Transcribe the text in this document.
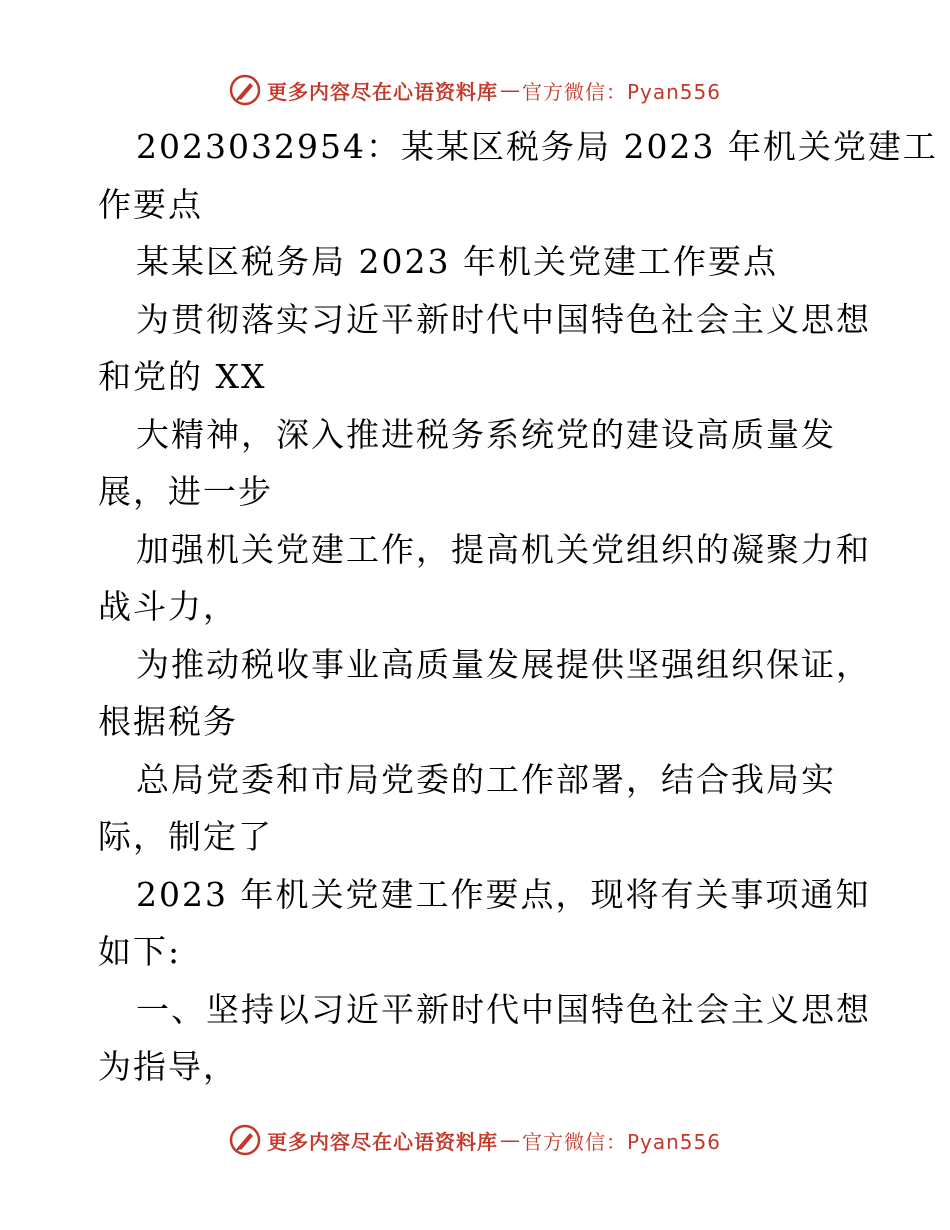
更多内容尽在心语资料库 — 官方微信：Pyan556
2023032954：某某区税务局 2023 年机关党建工
作要点
某某区税务局 2023 年机关党建工作要点
为贯彻落实习近平新时代中国特色社会主义思想
和党的 XX
大精神，深入推进税务系统党的建设高质量发
展，进一步
加强机关党建工作，提高机关党组织的凝聚力和
战斗力，
为推动税收事业高质量发展提供坚强组织保证，
根据税务
总局党委和市局党委的工作部署，结合我局实
际，制定了
2023 年机关党建工作要点，现将有关事项通知
如下:
一、坚持以习近平新时代中国特色社会主义思想
为指导，
更多内容尽在心语资料库 — 官方微信：Pyan556
